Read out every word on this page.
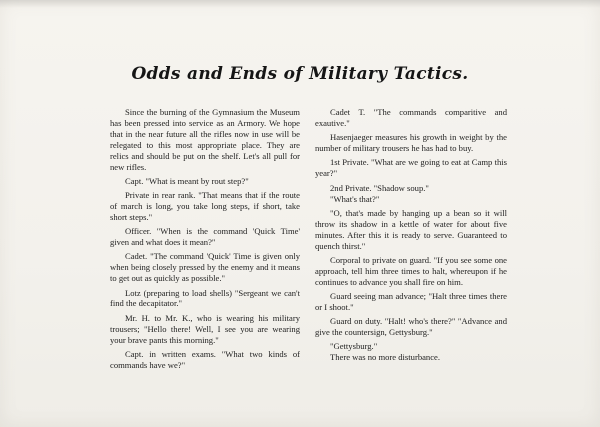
Odds and Ends of Military Tactics.

Since the burning of the Gymnasium the Museum has been pressed into service as an Armory. We hope that in the near future all the rifles now in use will be relegated to this most appropriate place. They are relics and should be put on the shelf. Let's all pull for new rifles.

Capt. "What is meant by rout step?"

Private in rear rank. "That means that if the route of march is long, you take long steps, if short, take short steps."

Officer. "When is the command 'Quick Time' given and what does it mean?"

Cadet. "The command 'Quick' Time is given only when being closely pressed by the enemy and it means to get out as quickly as possible."

Lotz (preparing to load shells) "Sergeant we can't find the decapitator."

Mr. H. to Mr. K., who is wearing his military trousers; "Hello there! Well, I see you are wearing your brave pants this morning."

Capt. in written exams. "What two kinds of commands have we?"

Cadet T. "The commands comparitive and exautive."

Hasenjaeger measures his growth in weight by the number of military trousers he has had to buy.

1st Private. "What are we going to eat at Camp this year?"

2nd Private. "Shadow soup."

"What's that?"

"O, that's made by hanging up a bean so it will throw its shadow in a kettle of water for about five minutes. After this it is ready to serve. Guaranteed to quench thirst."

Corporal to private on guard. "If you see some one approach, tell him three times to halt, whereupon if he continues to advance you shall fire on him.

Guard seeing man advance; "Halt three times there or I shoot."

Guard on duty. "Halt! who's there?" "Advance and give the countersign, Gettysburg."

"Gettysburg."

There was no more disturbance.
